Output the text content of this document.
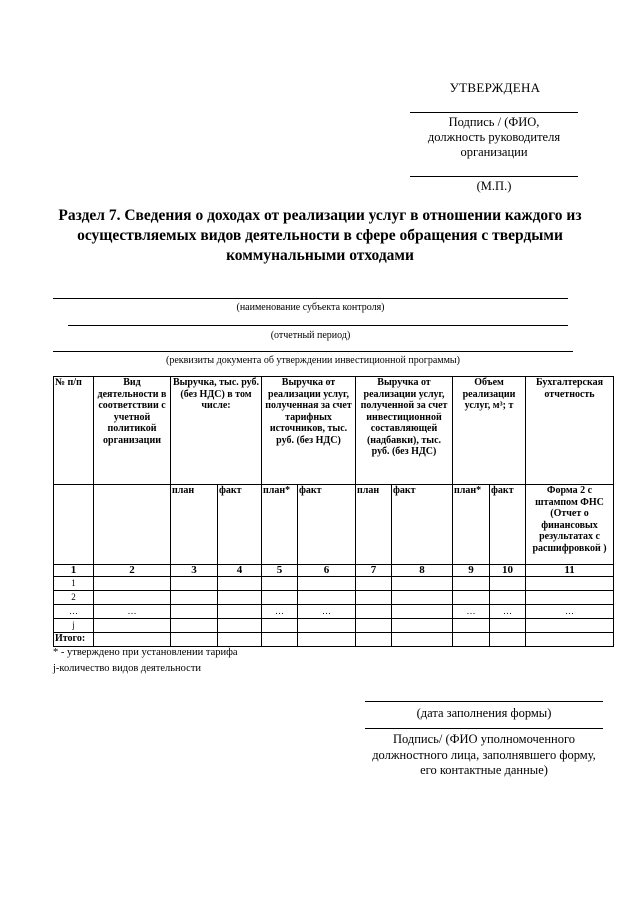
УТВЕРЖДЕНА
Подпись / (ФИО,
должность руководителя
организации
(М.П.)
Раздел 7. Сведения о доходах от реализации услуг в отношении каждого из
осуществляемых видов деятельности в сфере обращения с твердыми
коммунальными отходами
(наименование субъекта контроля)
(отчетный период)
(реквизиты документа об утверждении инвестиционной программы)
№ п/п	Вид деятельности в соответствии с учетной политикой организации	Выручка, тыс. руб. (без НДС) в том числе:		Выручка от реализации услуг, полученная за счет тарифных источников, тыс. руб. (без НДС)		Выручка от реализации услуг, полученной за счет инвестиционной составляющей (надбавки), тыс. руб. (без НДС)		Объем реализации услуг, м³; т		Бухгалтерская отчетность
		план	факт	план*	факт	план	факт	план*	факт	Форма 2 с штампом ФНС (Отчет о финансовых результатах с расшифровкой )
1	2	3	4	5	6	7	8	9	10	11
1										
2										
…	…			…	…			…	…	…
j										
Итого:										
* - утверждено при установлении тарифа
j-количество видов деятельности
(дата заполнения формы)
Подпись/ (ФИО уполномоченного
должностного лица, заполнявшего форму,
его контактные данные)
